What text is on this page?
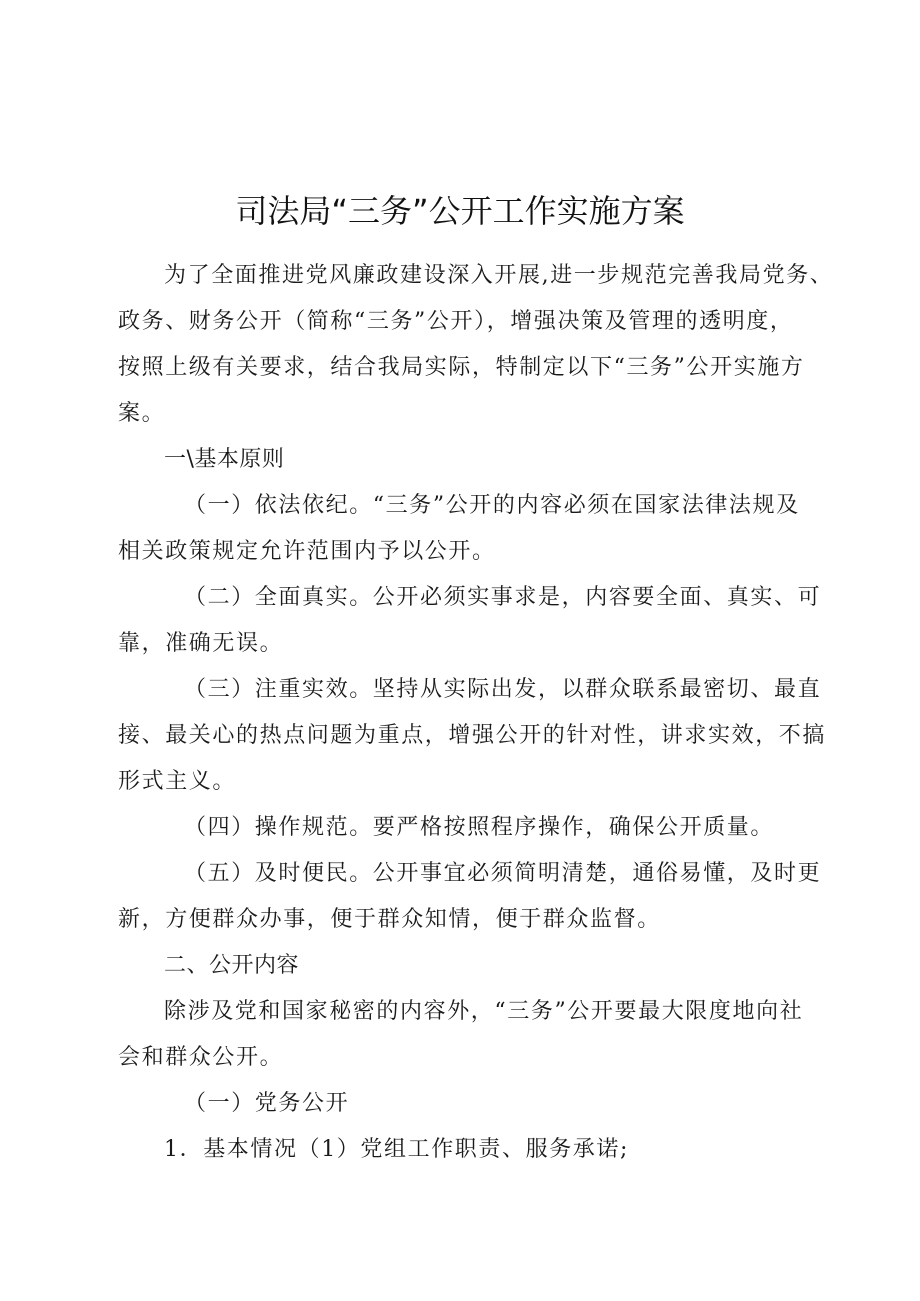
司法局“三务”公开工作实施方案
为了全面推进党风廉政建设深入开展,进一步规范完善我局党务、
政务、财务公开（简称“三务”公开），增强决策及管理的透明度，
按照上级有关要求，结合我局实际，特制定以下“三务”公开实施方
案。
一\基本原则
（一）依法依纪。“三务”公开的内容必须在国家法律法规及
相关政策规定允许范围内予以公开。
（二）全面真实。公开必须实事求是，内容要全面、真实、可
靠，准确无误。
（三）注重实效。坚持从实际出发，以群众联系最密切、最直
接、最关心的热点问题为重点，增强公开的针对性，讲求实效，不搞
形式主义。
（四）操作规范。要严格按照程序操作，确保公开质量。
（五）及时便民。公开事宜必须简明清楚，通俗易懂，及时更
新，方便群众办事，便于群众知情，便于群众监督。
二、公开内容
除涉及党和国家秘密的内容外，“三务”公开要最大限度地向社
会和群众公开。
（一）党务公开
1．基本情况（1）党组工作职责、服务承诺;
